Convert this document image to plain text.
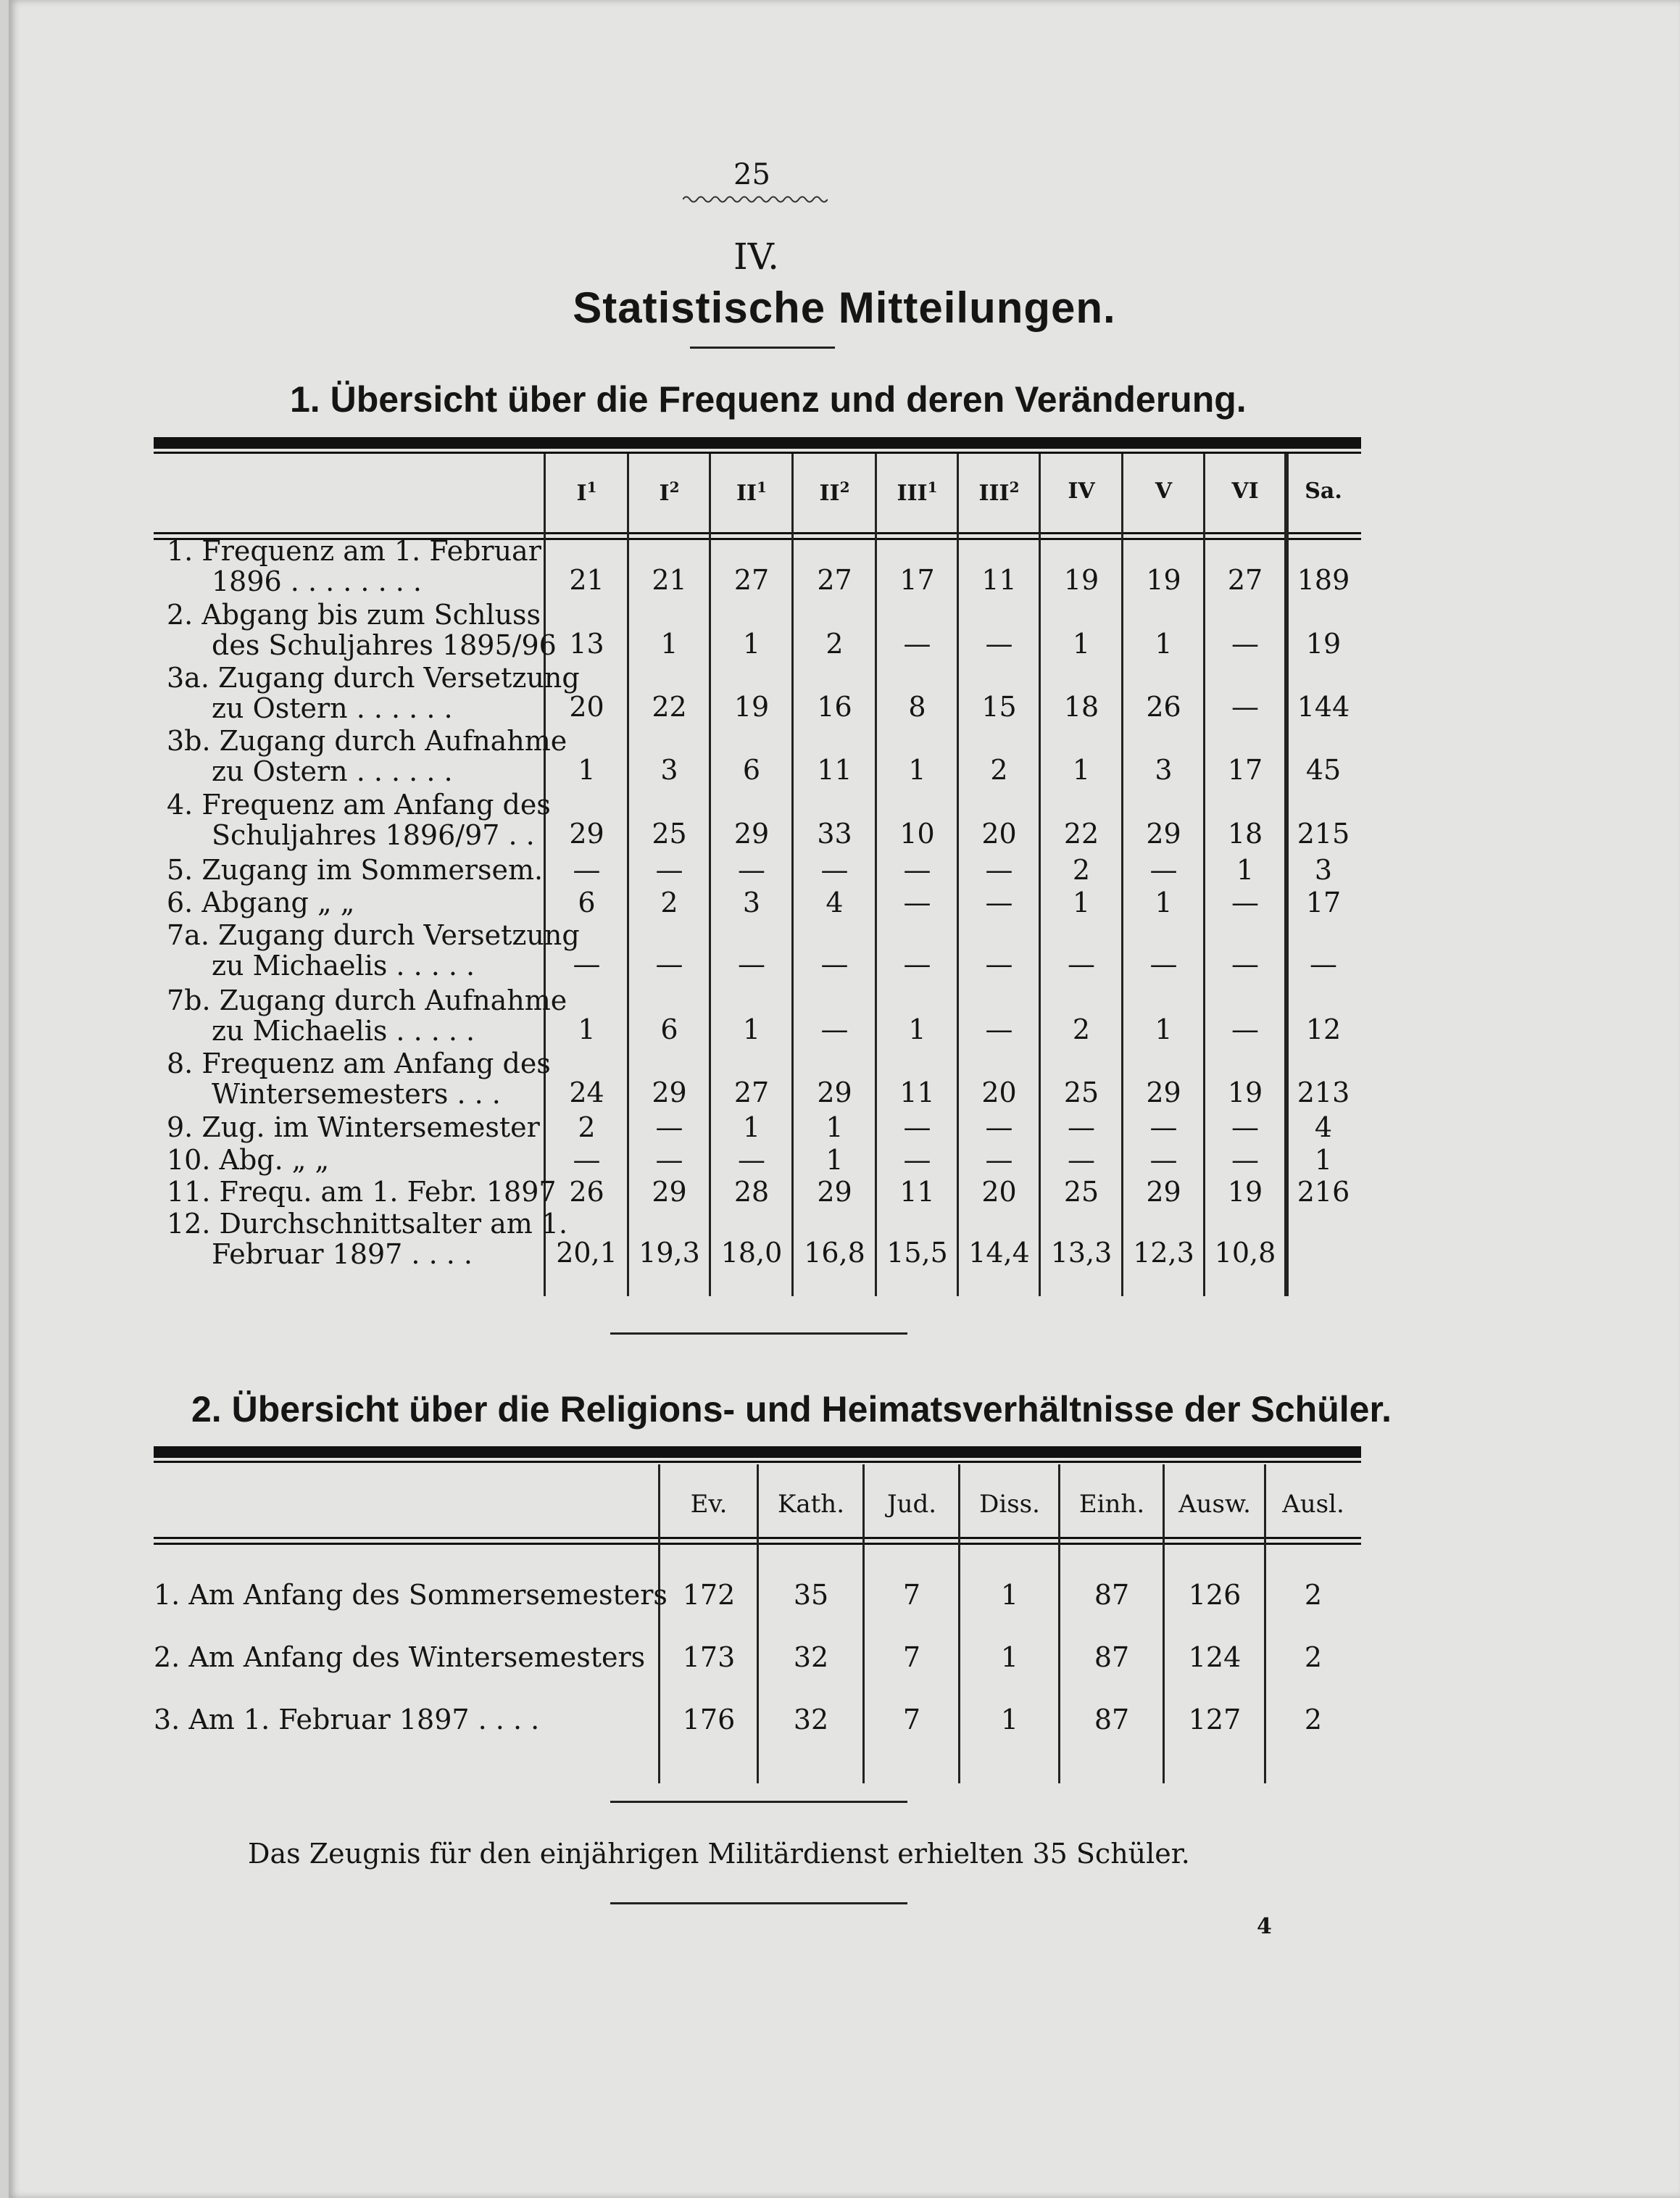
25
IV.
Statistische Mitteilungen.
1. Übersicht über die Frequenz und deren Veränderung.
$I^1$	$I^2$	$II^1$	$II^2$	III$^1$	III$^2$	IV	V	VI	Sa.
1. Frequenz am 1. Februar
1896 . . . . . . . .	21	21	27	27	17	11	19	19	27	189
2. Abgang bis zum Schluss
des Schuljahres 1895/96 13	1	1	2	—	—	1	1	—	19
3a. Zugang durch Versetzung
zu Ostern . . . . . .	20	22	19	16	8	15	18	26	—	144
3b. Zugang durch Aufnahme
zu Ostern . . . . . .	1	3	6	11	1	2	1	3	17	45
4. Frequenz am Anfang des
Schuljahres 1896/97 . .	29	25	29	33	10	20	22	29	18	215
5. Zugang im Sommersem.	—	—	—	—	—	—	2	—	1	3
6. Abgang „ „	6	2	3	4	—	—	1	1	—	17
7a. Zugang durch Versetzung
zu Michaelis . . . . .	—	—	—	—	—	—	—	—	—	—
7b. Zugang durch Aufnahme
zu Michaelis . . . . .	1	6	1	—	1	—	2	1	—	12
8. Frequenz am Anfang des
Wintersemesters . . .	24	29	27	29	11	20	25	29	19	213
9. Zug. im Wintersemester	2	—	1	1	—	—	—	—	—	4
10. Abg. „ „	—	—	—	1	—	—	—	—	—	1
11. Frequ. am 1. Febr. 1897 26	29	28	29	11	20	25	29	19	216
12. Durchschnittsalter am 1.
Februar 1897 . . . .	20,1 19,3 18,0 16,8 15,5 14,4 13,3 12,3 10,8
2. Übersicht über die Religions- und Heimatsverhältnisse der Schüler.
Ev.	Kath.	Jud.	Diss.	Einh.	Ausw.	Ausl.
1. Am Anfang des Sommersemesters 172	35	7	1	87	126	2
2. Am Anfang des Wintersemesters	173	32	7	1	87	124	2
3. Am 1. Februar 1897 . . . .	176	32	7	1	87	127	2
Das Zeugnis für den einjährigen Militärdienst erhielten 35 Schüler.
4
